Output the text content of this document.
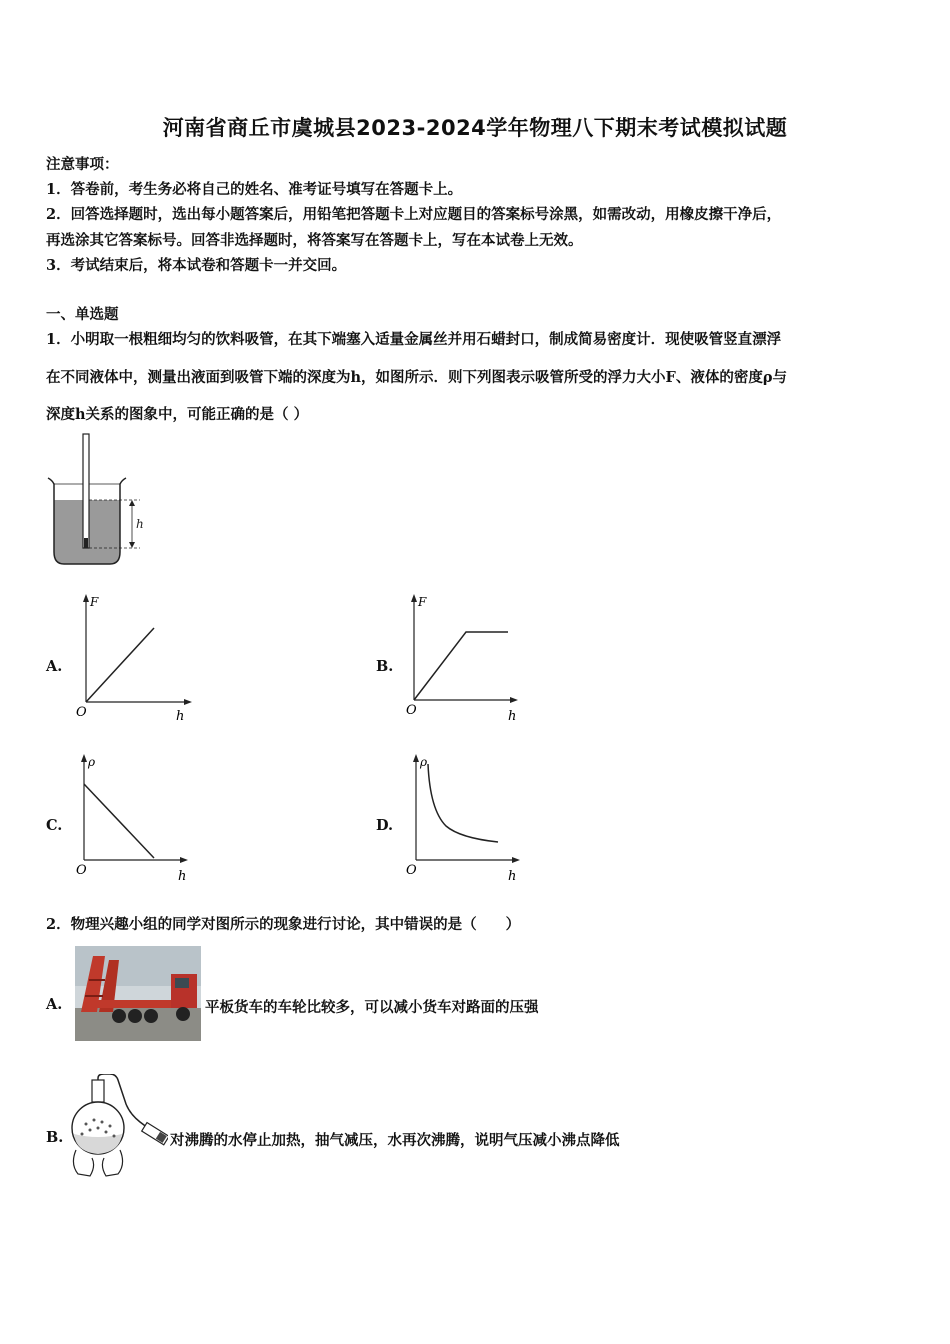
河南省商丘市虞城县2023-2024学年物理八下期末考试模拟试题
注意事项：
1．答卷前，考生务必将自己的姓名、准考证号填写在答题卡上。
2．回答选择题时，选出每小题答案后，用铅笔把答题卡上对应题目的答案标号涂黑，如需改动，用橡皮擦干净后，
再选涂其它答案标号。回答非选择题时，将答案写在答题卡上，写在本试卷上无效。
3．考试结束后，将本试卷和答题卡一并交回。
一、单选题
1．小明取一根粗细均匀的饮料吸管，在其下端塞入适量金属丝并用石蜡封口，制成简易密度计．现使吸管竖直漂浮
在不同液体中，测量出液面到吸管下端的深度为h，如图所示．则下列图表示吸管所受的浮力大小F、液体的密度ρ与
深度h关系的图象中，可能正确的是（ ）
h
A.
F
O	h
B.
F
O	h
C.
ρ
O	h
D.
ρ
O	h
2．物理兴趣小组的同学对图所示的现象进行讨论，其中错误的是（　　）
A.	平板货车的车轮比较多，可以减小货车对路面的压强
B.	对沸腾的水停止加热，抽气减压，水再次沸腾，说明气压减小沸点降低
